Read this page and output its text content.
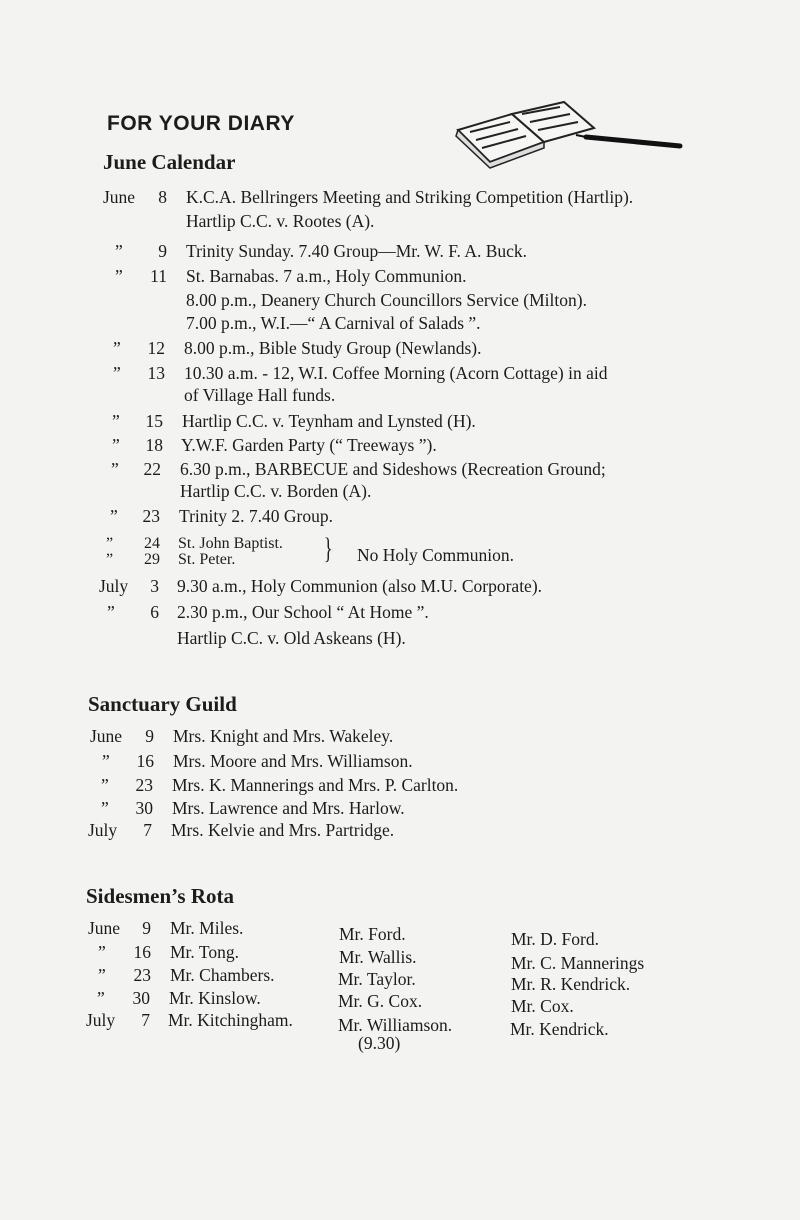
FOR YOUR DIARY
June Calendar
June	8 K.C.A. Bellringers Meeting and Striking Competition (Hartlip).
Hartlip C.C. v. Rootes (A).
”	9 Trinity Sunday. 7.40 Group—Mr. W. F. A. Buck.
”	11 St. Barnabas. 7 a.m., Holy Communion.
8.00 p.m., Deanery Church Councillors Service (Milton).
7.00 p.m., W.I.—“ A Carnival of Salads ”.
”	12 8.00 p.m., Bible Study Group (Newlands).
”	13 10.30 a.m. - 12, W.I. Coffee Morning (Acorn Cottage) in aid
of Village Hall funds.
”	15 Hartlip C.C. v. Teynham and Lynsted (H).
”	18 Y.W.F. Garden Party (“ Treeways ”).
”	22 6.30 p.m., BARBECUE and Sideshows (Recreation Ground;
Hartlip C.C. v. Borden (A).
”	23 Trinity 2. 7.40 Group.
”	24 St. John Baptist.
”	29 St. Peter.	} No Holy Communion.
July	3 9.30 a.m., Holy Communion (also M.U. Corporate).
”	6 2.30 p.m., Our School “ At Home ”.
Hartlip C.C. v. Old Askeans (H).
Sanctuary Guild
June	9 Mrs. Knight and Mrs. Wakeley.
”	16 Mrs. Moore and Mrs. Williamson.
”	23 Mrs. K. Mannerings and Mrs. P. Carlton.
”	30 Mrs. Lawrence and Mrs. Harlow.
July	7 Mrs. Kelvie and Mrs. Partridge.
Sidesmen’s Rota
June	9 Mr. Miles.	Mr. Ford.	Mr. D. Ford.
”	16 Mr. Tong.	Mr. Wallis.	Mr. C. Mannerings
”	23 Mr. Chambers.	Mr. Taylor.	Mr. R. Kendrick.
”	30 Mr. Kinslow.	Mr. G. Cox.	Mr. Cox.
July	7 Mr. Kitchingham.	Mr. Williamson.	Mr. Kendrick.
(9.30)
